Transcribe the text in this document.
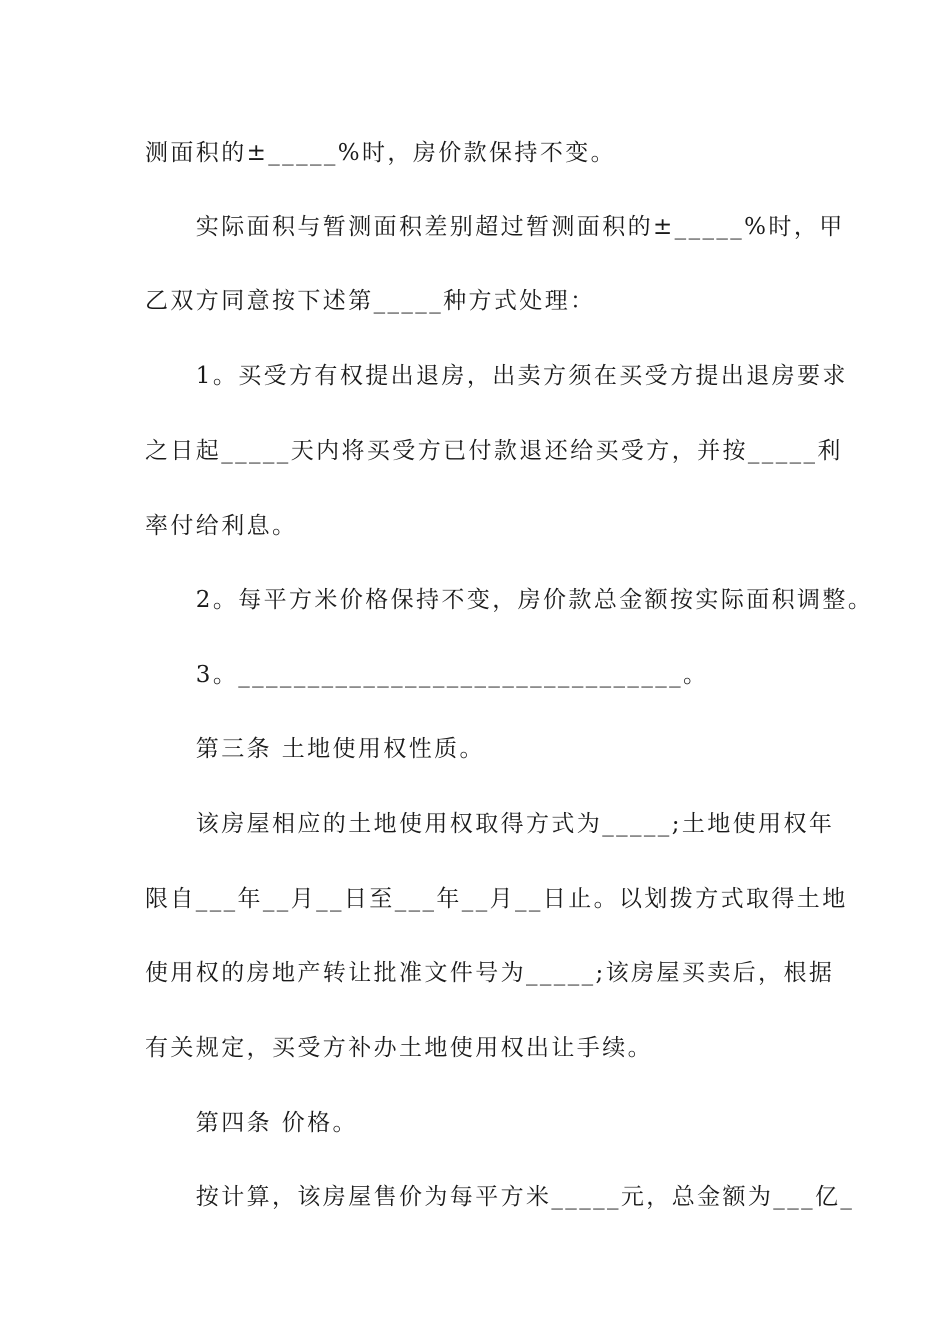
测面积的±_____%时，房价款保持不变。
　　实际面积与暂测面积差别超过暂测面积的±_____%时，甲
乙双方同意按下述第_____种方式处理：
　　1。买受方有权提出退房，出卖方须在买受方提出退房要求
之日起_____天内将买受方已付款退还给买受方，并按_____利
率付给利息。
　　2。每平方米价格保持不变，房价款总金额按实际面积调整。
　　3。________________________________。
　　第三条 土地使用权性质。
　　该房屋相应的土地使用权取得方式为_____;土地使用权年
限自___年__月__日至___年__月__日止。以划拨方式取得土地
使用权的房地产转让批准文件号为_____;该房屋买卖后，根据
有关规定，买受方补办土地使用权出让手续。
　　第四条 价格。
　　按计算，该房屋售价为每平方米_____元，总金额为___亿_
